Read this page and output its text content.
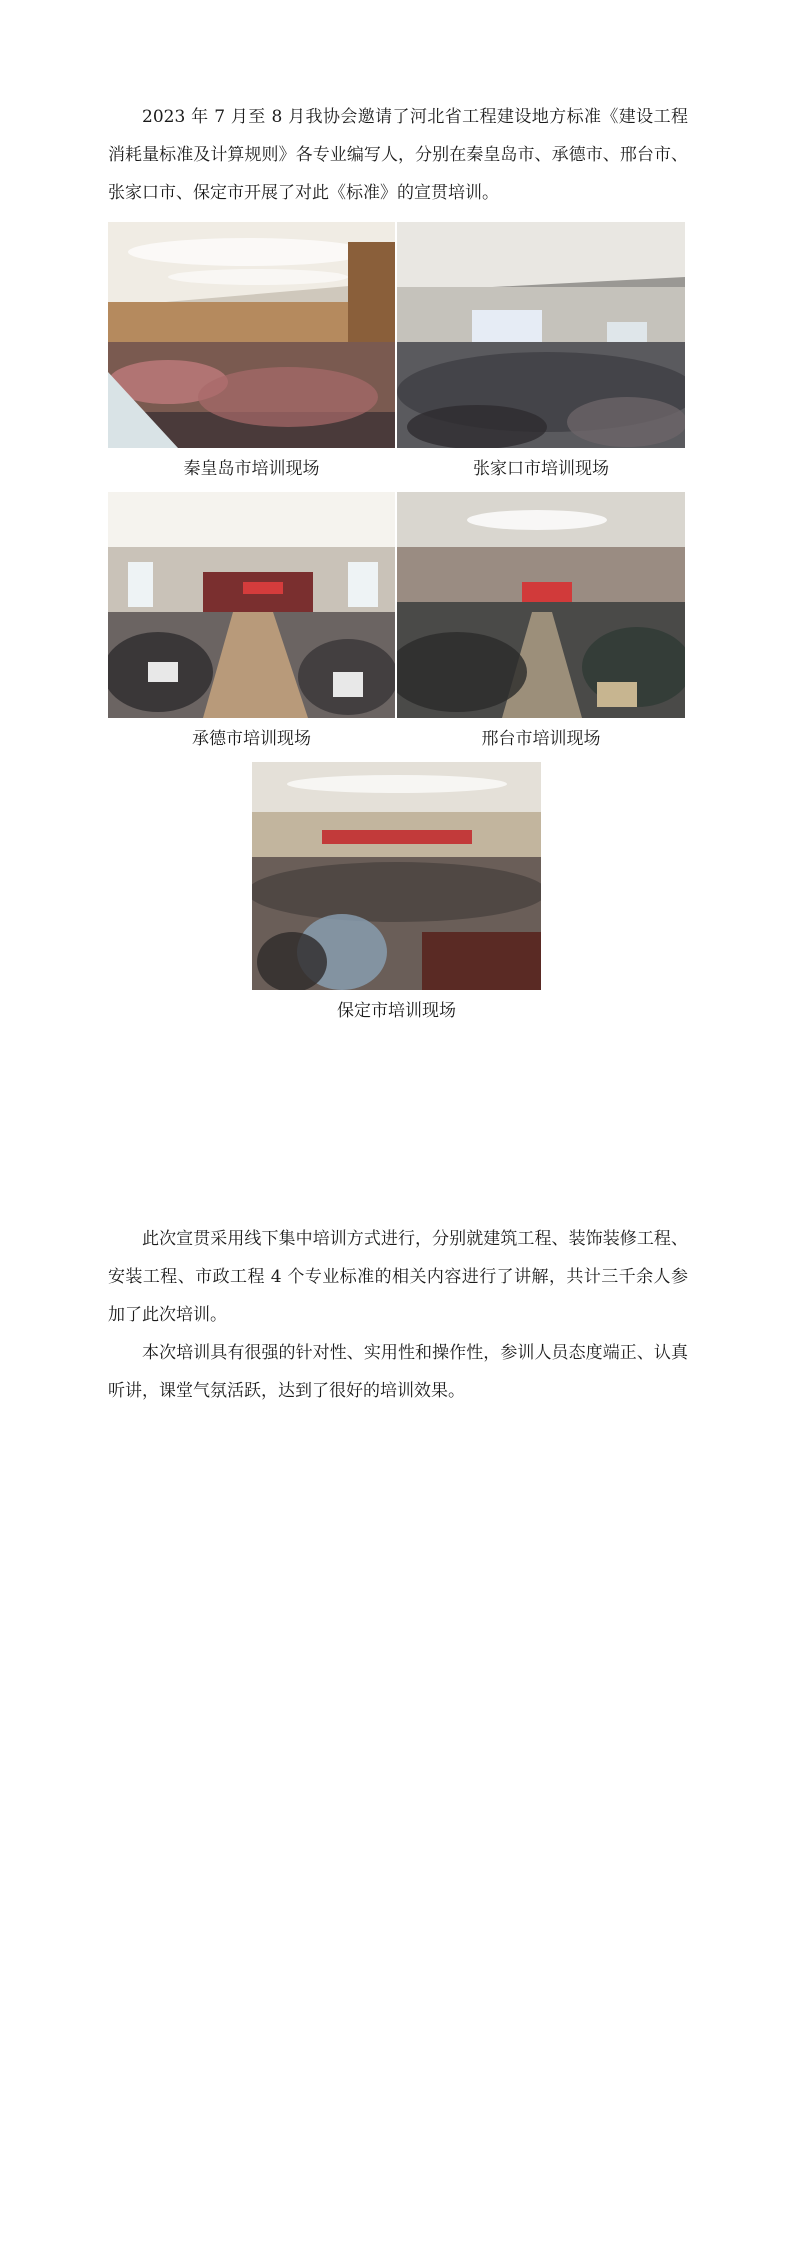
2023 年 7 月至 8 月我协会邀请了河北省工程建设地方标准《建设工程消耗量标准及计算规则》各专业编写人，分别在秦皇岛市、承德市、邢台市、张家口市、保定市开展了对此《标准》的宣贯培训。

秦皇岛市培训现场	张家口市培训现场

承德市培训现场	邢台市培训现场

保定市培训现场

此次宣贯采用线下集中培训方式进行，分别就建筑工程、装饰装修工程、安装工程、市政工程 4 个专业标准的相关内容进行了讲解，共计三千余人参加了此次培训。

本次培训具有很强的针对性、实用性和操作性，参训人员态度端正、认真听讲，课堂气氛活跃，达到了很好的培训效果。
